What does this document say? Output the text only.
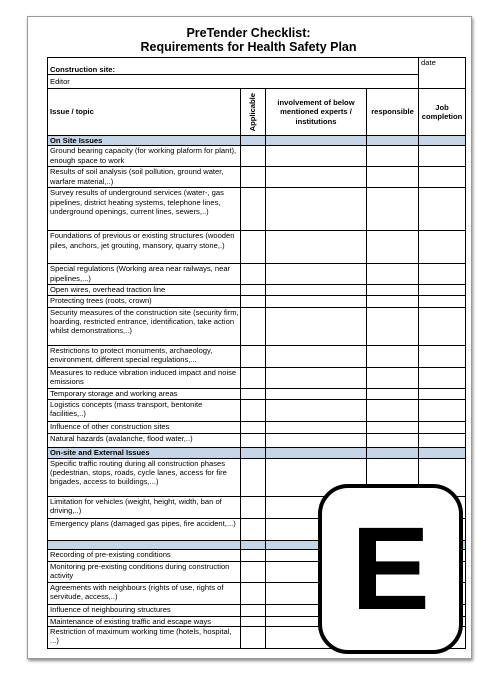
PreTender Checklist:
Requirements for Health Safety Plan
Construction site:				date
Editor				
Issue / topic	Applicable	involvement of below mentioned experts / institutions	responsible	Job completion
On Site Issues				
Ground bearing capacity (for working plaform for plant), enough space to work				
Results of soil analysis (soil pollution, ground water, warfare material,..)				
Survey results of underground services (water-, gas pipelines, district heating systems, telephone lines, underground openings, current lines, sewers,..)				
Foundations of previous or existing structures (wooden piles, anchors, jet grouting, mansory, quarry stone,.)				
Special regulations (Working area near railways, near pipelines,...)				
Open wires, overhead traction line				
Protecting trees (roots, crown)				
Security measures of the construction site (security firm, hoarding, restricted entrance, identification, take action whilst demonstrations,..)				
Restrictions to protect monuments, archaeology, environment, different special regulations,...				
Measures to reduce vibration induced impact and noise emissions				
Temporary storage and working areas				
Logistics concepts (mass transport, bentonite facilities,..)				
Influence of other construction sites				
Natural hazards (avalanche, flood water,..)				
On-site and External Issues				
Specific traffic routing during all construction phases (pedestrian, stops, roads, cycle lanes, access for fire brigades, access to buildings,...)				
Limitation for vehicles (weight, height, width, ban of driving,..)				
Emergency plans (damaged gas pipes, fire accident,...)				

Recording of pre-existing conditions				
Monitoring pre-existing conditions during construction activity				
Agreements with neighbours (rights of use, rights of servitude, access,..)				
Influence of neighbouring structures				
Maintenance of existing traffic and escape ways				
Restriction of maximum working time (hotels, hospital, ...)				
E
